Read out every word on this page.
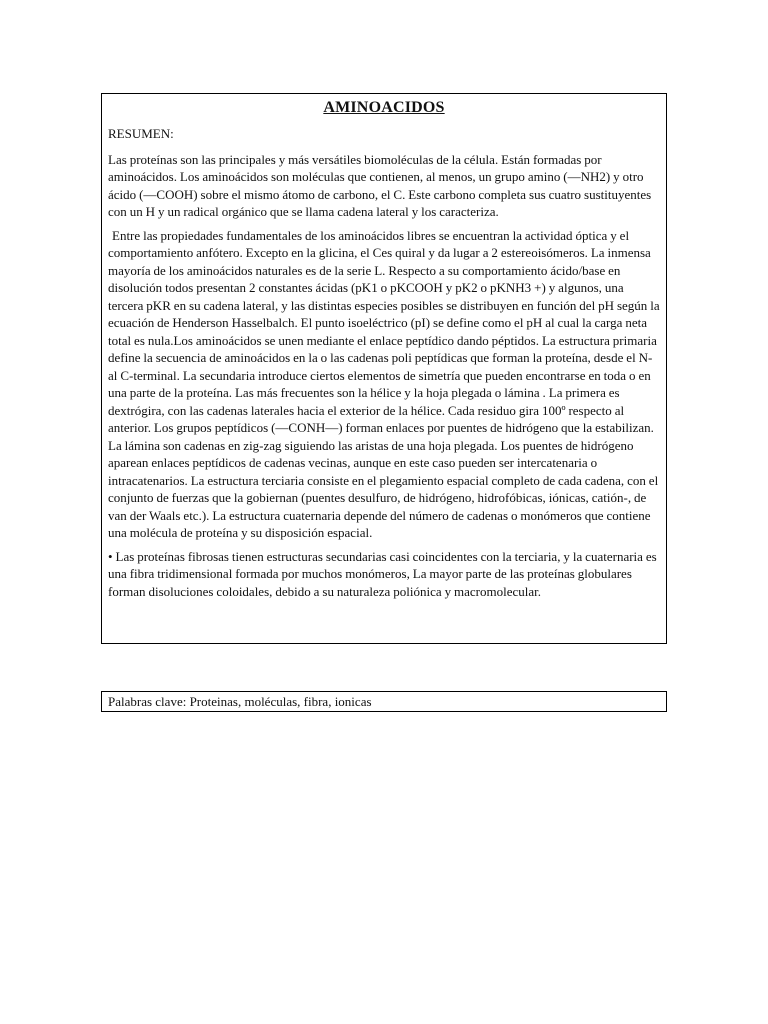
AMINOACIDOS
RESUMEN:

Las proteínas son las principales y más versátiles biomoléculas de la célula. Están formadas por aminoácidos. Los aminoácidos son moléculas que contienen, al menos, un grupo amino (—NH2) y otro ácido (—COOH) sobre el mismo átomo de carbono, el C. Este carbono completa sus cuatro sustituyentes con un H y un radical orgánico que se llama cadena lateral y los caracteriza.

Entre las propiedades fundamentales de los aminoácidos libres se encuentran la actividad óptica y el comportamiento anfótero. Excepto en la glicina, el Ces quiral y da lugar a 2 estereoisómeros. La inmensa mayoría de los aminoácidos naturales es de la serie L. Respecto a su comportamiento ácido/base en disolución todos presentan 2 constantes ácidas (pK1 o pKCOOH y pK2 o pKNH3 +) y algunos, una tercera pKR en su cadena lateral, y las distintas especies posibles se distribuyen en función del pH según la ecuación de Henderson Hasselbalch. El punto isoeléctrico (pI) se define como el pH al cual la carga neta total es nula.Los aminoácidos se unen mediante el enlace peptídico dando péptidos. La estructura primaria define la secuencia de aminoácidos en la o las cadenas poli peptídicas que forman la proteína, desde el N- al C-terminal. La secundaria introduce ciertos elementos de simetría que pueden encontrarse en toda o en una parte de la proteína. Las más frecuentes son la hélice y la hoja plegada o lámina . La primera es dextrógira, con las cadenas laterales hacia el exterior de la hélice. Cada residuo gira 100º respecto al anterior. Los grupos peptídicos (—CONH—) forman enlaces por puentes de hidrógeno que la estabilizan. La lámina son cadenas en zig-zag siguiendo las aristas de una hoja plegada. Los puentes de hidrógeno aparean enlaces peptídicos de cadenas vecinas, aunque en este caso pueden ser intercatenaria o intracatenarios. La estructura terciaria consiste en el plegamiento espacial completo de cada cadena, con el conjunto de fuerzas que la gobiernan (puentes desulfuro, de hidrógeno, hidrofóbicas, iónicas, catión-, de van der Waals etc.). La estructura cuaternaria depende del número de cadenas o monómeros que contiene una molécula de proteína y su disposición espacial.

• Las proteínas fibrosas tienen estructuras secundarias casi coincidentes con la terciaria, y la cuaternaria es una fibra tridimensional formada por muchos monómeros, La mayor parte de las proteínas globulares forman disoluciones coloidales, debido a su naturaleza poliónica y macromolecular.

Palabras clave: Proteinas, moléculas, fibra, ionicas
